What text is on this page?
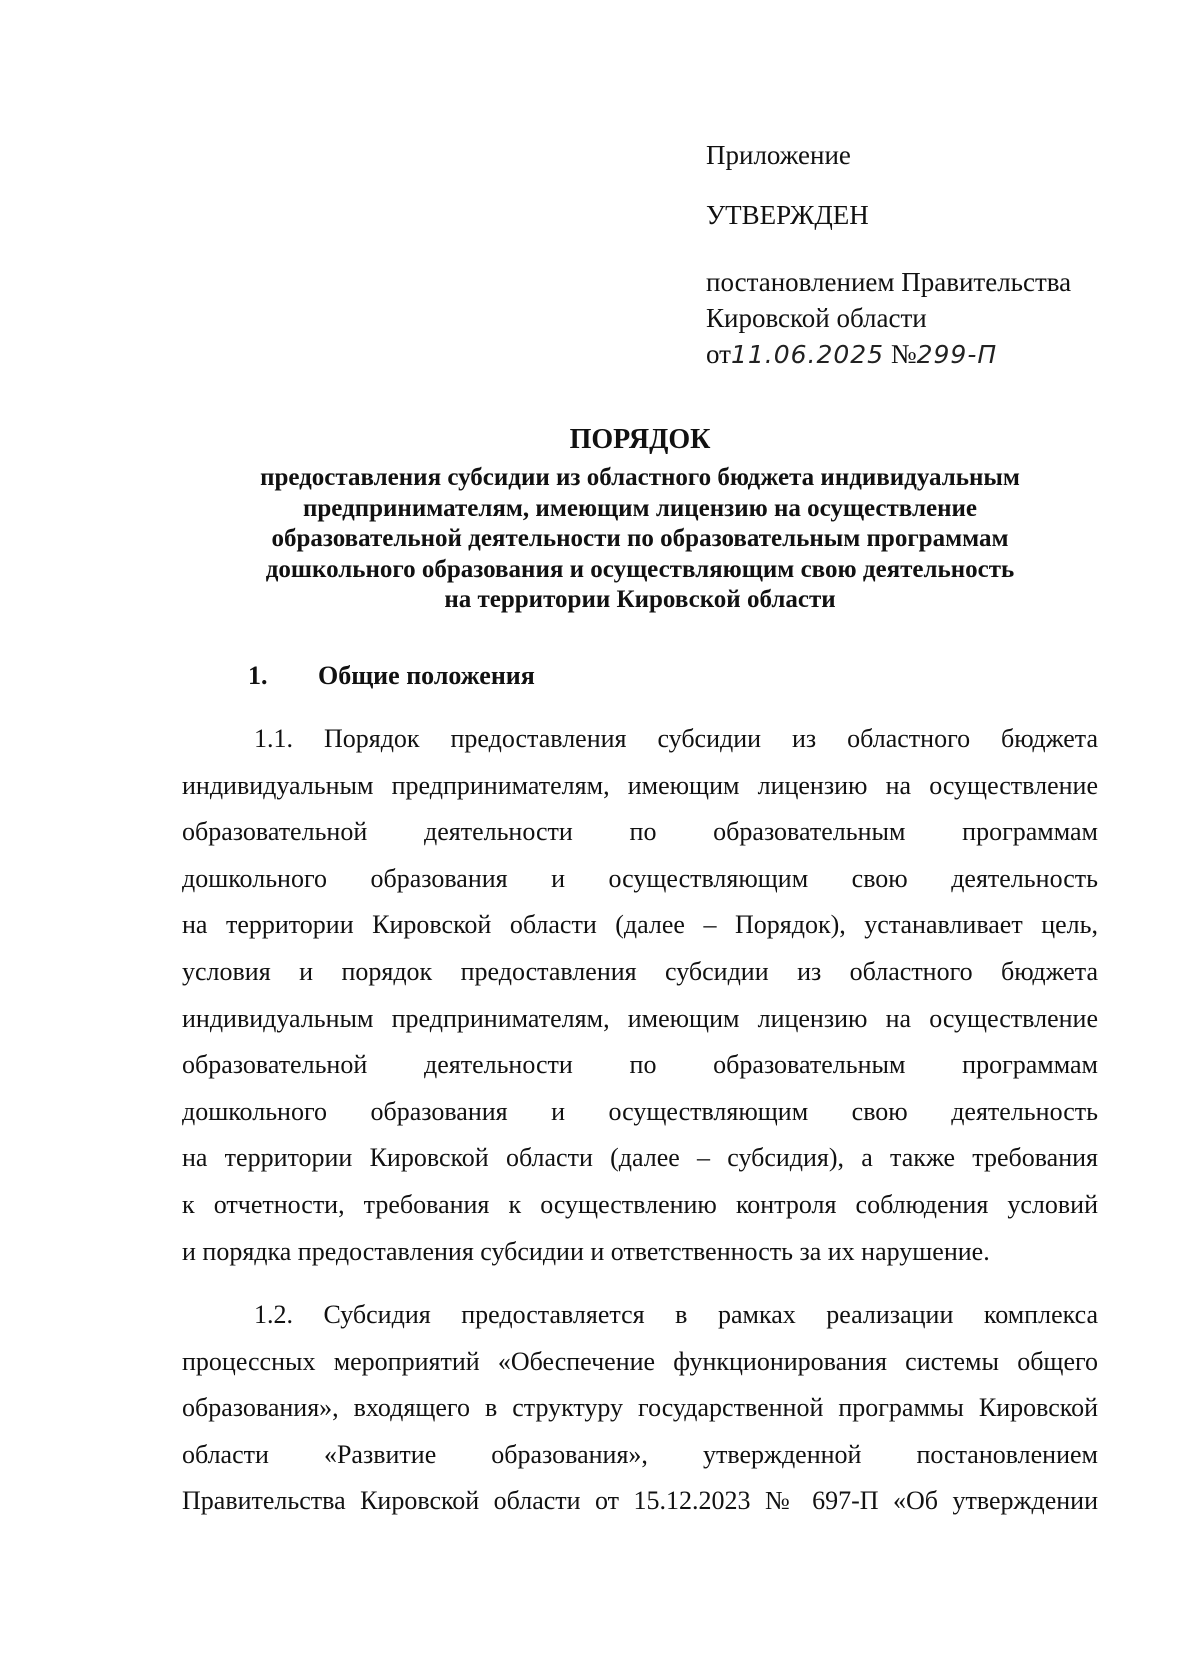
Приложение
УТВЕРЖДЕН
постановлением Правительства
Кировской области
от11.06.2025 №299-П
ПОРЯДОК
предоставления субсидии из областного бюджета индивидуальным
предпринимателям, имеющим лицензию на осуществление
образовательной деятельности по образовательным программам
дошкольного образования и осуществляющим свою деятельность
на территории Кировской области
1. Общие положения
1.1. Порядок предоставления субсидии из областного бюджета
индивидуальным предпринимателям, имеющим лицензию на осуществление
образовательной деятельности по образовательным программам
дошкольного образования и осуществляющим свою деятельность
на территории Кировской области (далее – Порядок), устанавливает цель,
условия и порядок предоставления субсидии из областного бюджета
индивидуальным предпринимателям, имеющим лицензию на осуществление
образовательной деятельности по образовательным программам
дошкольного образования и осуществляющим свою деятельность
на территории Кировской области (далее – субсидия), а также требования
к отчетности, требования к осуществлению контроля соблюдения условий
и порядка предоставления субсидии и ответственность за их нарушение.
1.2. Субсидия предоставляется в рамках реализации комплекса
процессных мероприятий «Обеспечение функционирования системы общего
образования», входящего в структуру государственной программы Кировской
области «Развитие образования», утвержденной постановлением
Правительства Кировской области от 15.12.2023 № 697-П «Об утверждении
